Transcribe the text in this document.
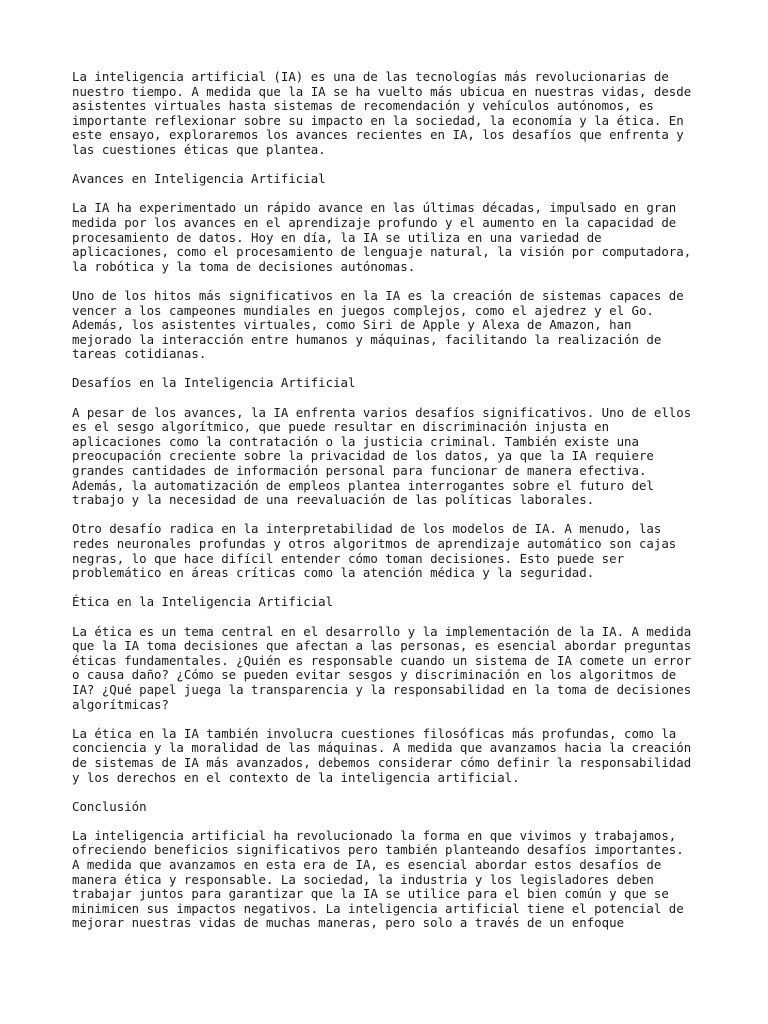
La inteligencia artificial (IA) es una de las tecnologías más revolucionarias de
nuestro tiempo. A medida que la IA se ha vuelto más ubicua en nuestras vidas, desde
asistentes virtuales hasta sistemas de recomendación y vehículos autónomos, es
importante reflexionar sobre su impacto en la sociedad, la economía y la ética. En
este ensayo, exploraremos los avances recientes en IA, los desafíos que enfrenta y
las cuestiones éticas que plantea.
Avances en Inteligencia Artificial
La IA ha experimentado un rápido avance en las últimas décadas, impulsado en gran
medida por los avances en el aprendizaje profundo y el aumento en la capacidad de
procesamiento de datos. Hoy en día, la IA se utiliza en una variedad de
aplicaciones, como el procesamiento de lenguaje natural, la visión por computadora,
la robótica y la toma de decisiones autónomas.
Uno de los hitos más significativos en la IA es la creación de sistemas capaces de
vencer a los campeones mundiales en juegos complejos, como el ajedrez y el Go.
Además, los asistentes virtuales, como Siri de Apple y Alexa de Amazon, han
mejorado la interacción entre humanos y máquinas, facilitando la realización de
tareas cotidianas.
Desafíos en la Inteligencia Artificial
A pesar de los avances, la IA enfrenta varios desafíos significativos. Uno de ellos
es el sesgo algorítmico, que puede resultar en discriminación injusta en
aplicaciones como la contratación o la justicia criminal. También existe una
preocupación creciente sobre la privacidad de los datos, ya que la IA requiere
grandes cantidades de información personal para funcionar de manera efectiva.
Además, la automatización de empleos plantea interrogantes sobre el futuro del
trabajo y la necesidad de una reevaluación de las políticas laborales.
Otro desafío radica en la interpretabilidad de los modelos de IA. A menudo, las
redes neuronales profundas y otros algoritmos de aprendizaje automático son cajas
negras, lo que hace difícil entender cómo toman decisiones. Esto puede ser
problemático en áreas críticas como la atención médica y la seguridad.
Ética en la Inteligencia Artificial
La ética es un tema central en el desarrollo y la implementación de la IA. A medida
que la IA toma decisiones que afectan a las personas, es esencial abordar preguntas
éticas fundamentales. ¿Quién es responsable cuando un sistema de IA comete un error
o causa daño? ¿Cómo se pueden evitar sesgos y discriminación en los algoritmos de
IA? ¿Qué papel juega la transparencia y la responsabilidad en la toma de decisiones
algorítmicas?
La ética en la IA también involucra cuestiones filosóficas más profundas, como la
conciencia y la moralidad de las máquinas. A medida que avanzamos hacia la creación
de sistemas de IA más avanzados, debemos considerar cómo definir la responsabilidad
y los derechos en el contexto de la inteligencia artificial.
Conclusión
La inteligencia artificial ha revolucionado la forma en que vivimos y trabajamos,
ofreciendo beneficios significativos pero también planteando desafíos importantes.
A medida que avanzamos en esta era de IA, es esencial abordar estos desafíos de
manera ética y responsable. La sociedad, la industria y los legisladores deben
trabajar juntos para garantizar que la IA se utilice para el bien común y que se
minimicen sus impactos negativos. La inteligencia artificial tiene el potencial de
mejorar nuestras vidas de muchas maneras, pero solo a través de un enfoque
